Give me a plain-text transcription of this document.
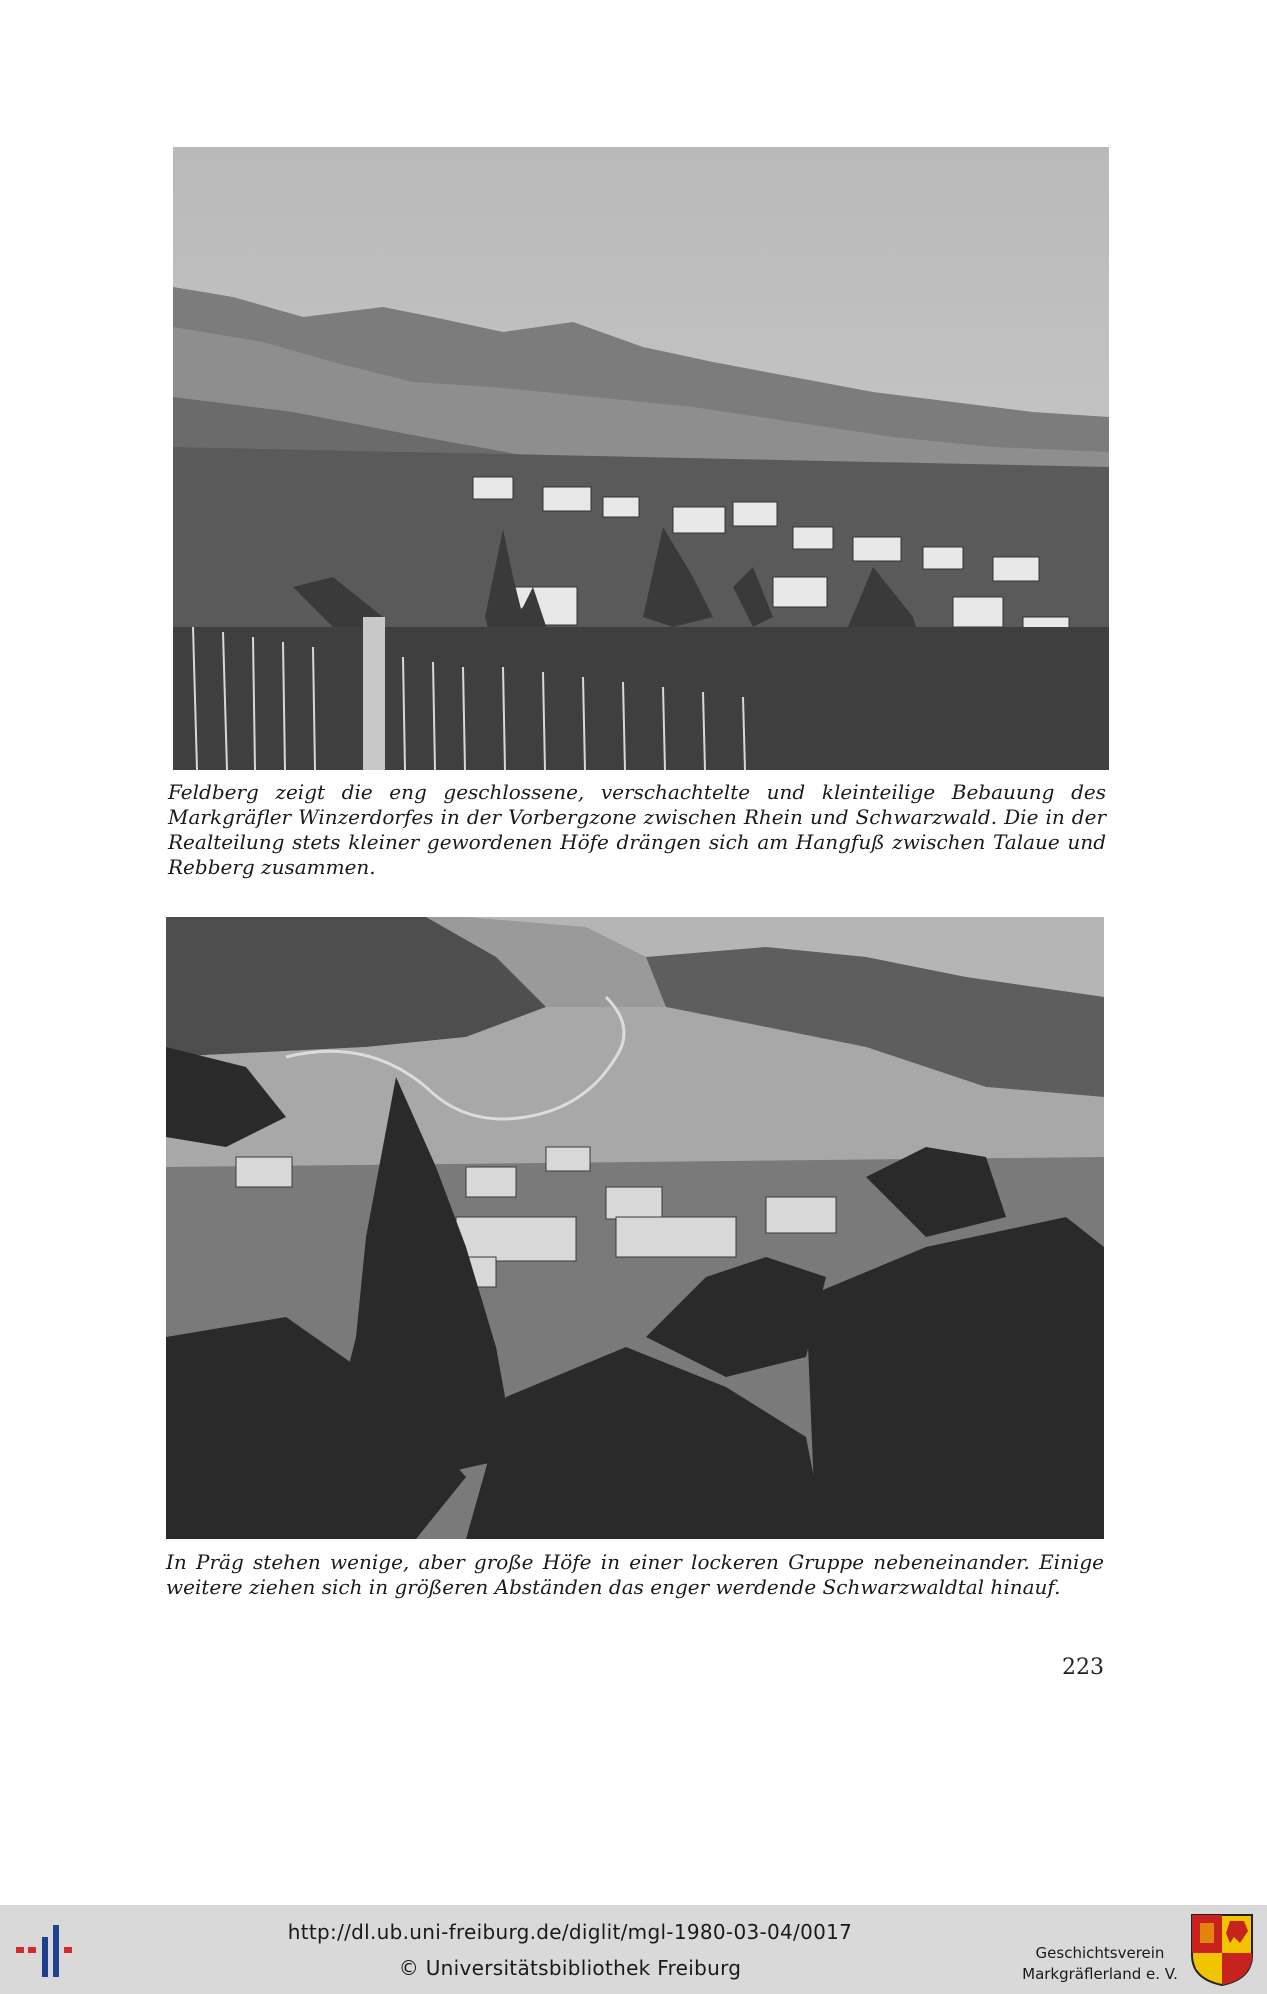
Feldberg zeigt die eng geschlossene, verschachtelte und kleinteilige Bebauung des Markgräfler Winzerdorfes in der Vorbergzone zwischen Rhein und Schwarzwald. Die in der Realteilung stets kleiner gewordenen Höfe drängen sich am Hangfuß zwischen Talaue und Rebberg zusammen.

In Präg stehen wenige, aber große Höfe in einer lockeren Gruppe nebeneinander. Einige weitere ziehen sich in größeren Abständen das enger werdende Schwarzwaldtal hinauf.

223
http://dl.ub.uni-freiburg.de/diglit/mgl-1980-03-04/0017
© Universitätsbibliothek Freiburg
Geschichtsverein
Markgräflerland e. V.
